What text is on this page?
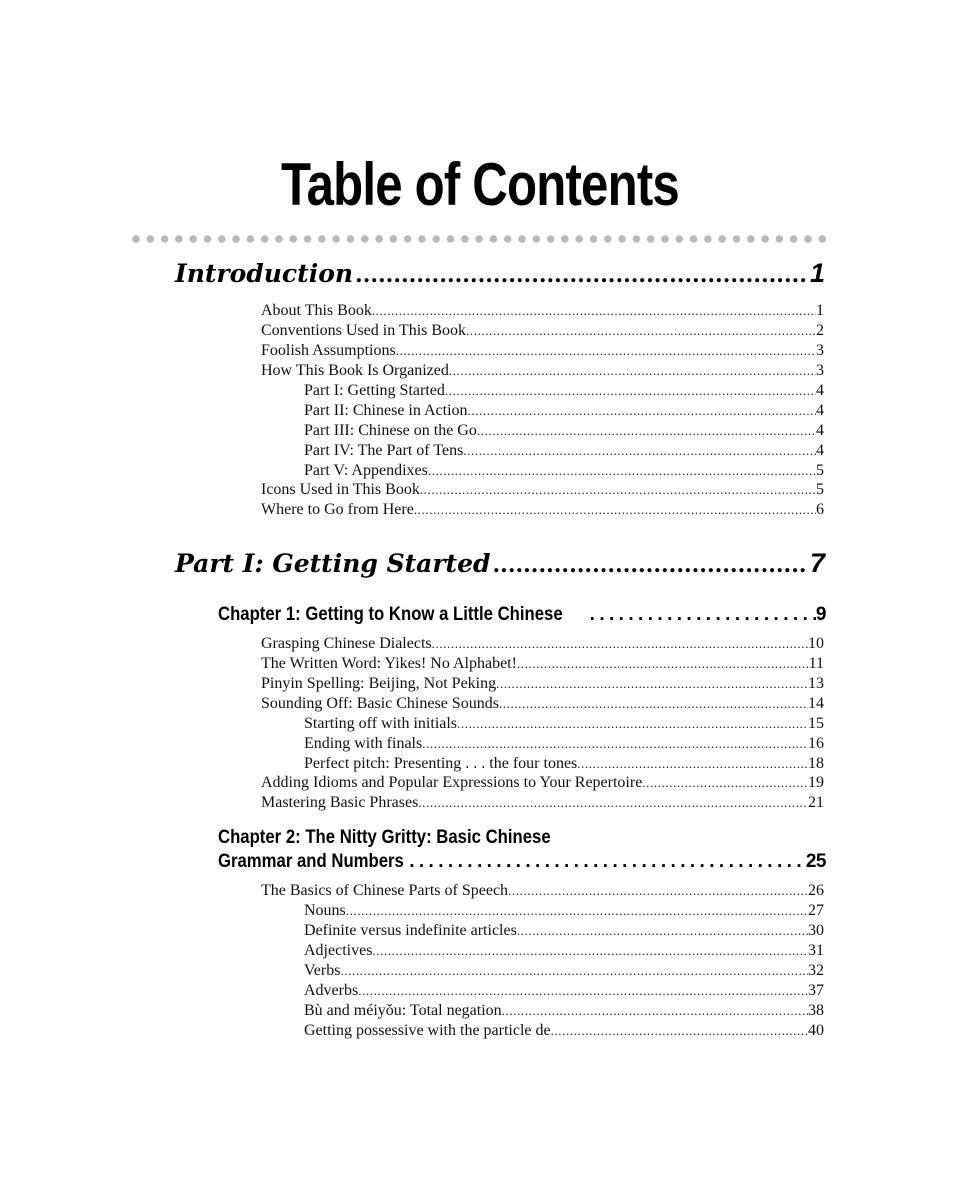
Table of Contents
Introduction .....	1
About This Book .....	1
Conventions Used in This Book .....	2
Foolish Assumptions .....	3
How This Book Is Organized .....	3
Part I: Getting Started .....	4
Part II: Chinese in Action .....	4
Part III: Chinese on the Go .....	4
Part IV: The Part of Tens .....	4
Part V: Appendixes .....	5
Icons Used in This Book .....	5
Where to Go from Here .....	6
Part I: Getting Started .....	7
Chapter 1: Getting to Know a Little Chinese .....	9
Grasping Chinese Dialects .....	10
The Written Word: Yikes! No Alphabet! .....	11
Pinyin Spelling: Beijing, Not Peking .....	13
Sounding Off: Basic Chinese Sounds .....	14
Starting off with initials .....	15
Ending with finals .....	16
Perfect pitch: Presenting . . . the four tones .....	18
Adding Idioms and Popular Expressions to Your Repertoire .....	19
Mastering Basic Phrases .....	21
Chapter 2: The Nitty Gritty: Basic Chinese
Grammar and Numbers .....	25
The Basics of Chinese Parts of Speech .....	26
Nouns .....	27
Definite versus indefinite articles .....	30
Adjectives .....	31
Verbs .....	32
Adverbs .....	37
Bù and méiyǒu: Total negation .....	38
Getting possessive with the particle de .....	40
